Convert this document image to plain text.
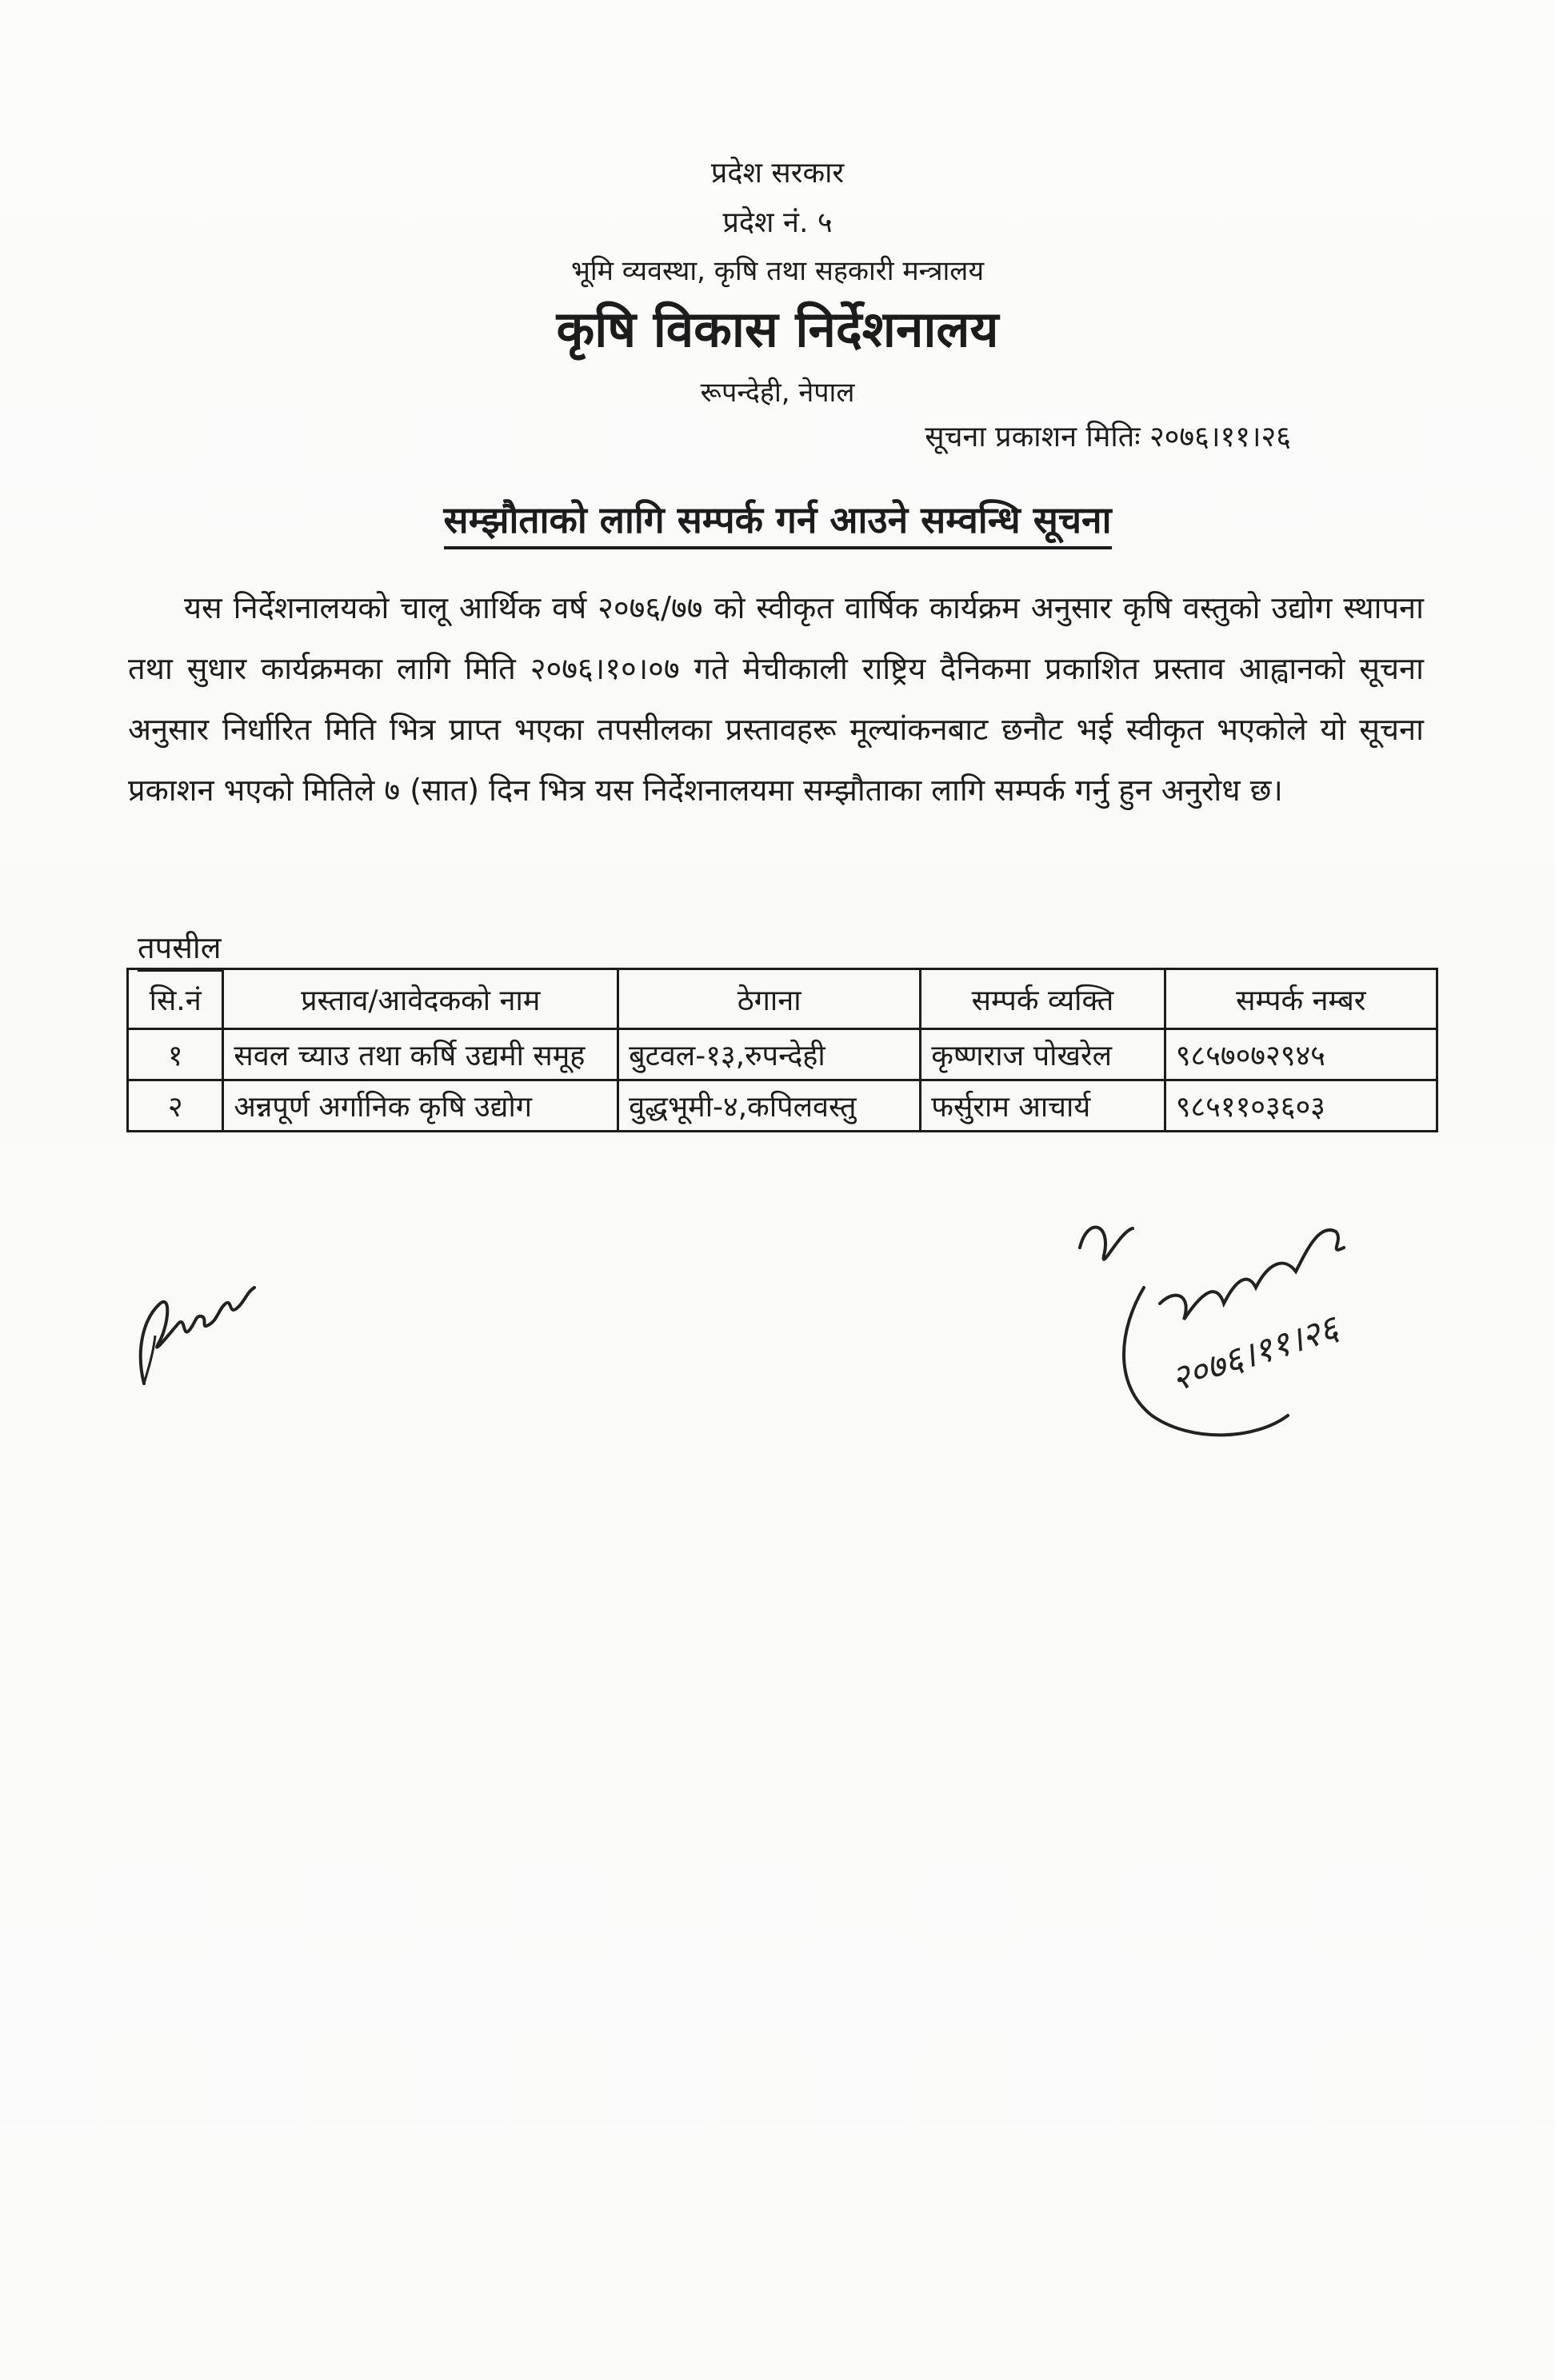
प्रदेश सरकार
प्रदेश नं. ५
भूमि व्यवस्था, कृषि तथा सहकारी मन्त्रालय
कृषि विकास निर्देशनालय
रूपन्देही, नेपाल
सूचना प्रकाशन मितिः २०७६।११।२६
सम्झौताको लागि सम्पर्क गर्न आउने सम्वन्धि सूचना
यस निर्देशनालयको चालू आर्थिक वर्ष २०७६/७७ को स्वीकृत वार्षिक कार्यक्रम अनुसार कृषि वस्तुको उद्योग स्थापना तथा सुधार कार्यक्रमका लागि मिति २०७६।१०।०७ गते मेचीकाली राष्ट्रिय दैनिकमा प्रकाशित प्रस्ताव आह्वानको सूचना अनुसार निर्धारित मिति भित्र प्राप्त भएका तपसीलका प्रस्तावहरू मूल्यांकनबाट छनौट भई स्वीकृत भएकोले यो सूचना प्रकाशन भएको मितिले ७ (सात) दिन भित्र यस निर्देशनालयमा सम्झौताका लागि सम्पर्क गर्नु हुन अनुरोध छ।
तपसील
सि.नं	प्रस्ताव/आवेदकको नाम	ठेगाना	सम्पर्क व्यक्ति	सम्पर्क नम्बर
१	सवल च्याउ तथा कर्षि उद्यमी समूह	बुटवल-१३,रुपन्देही	कृष्णराज पोखरेल	९८५७०७२९४५
२	अन्नपूर्ण अर्गानिक कृषि उद्योग	वुद्धभूमी-४,कपिलवस्तु	फर्सुराम आचार्य	९८५११०३६०३
२०७६।११।२६
